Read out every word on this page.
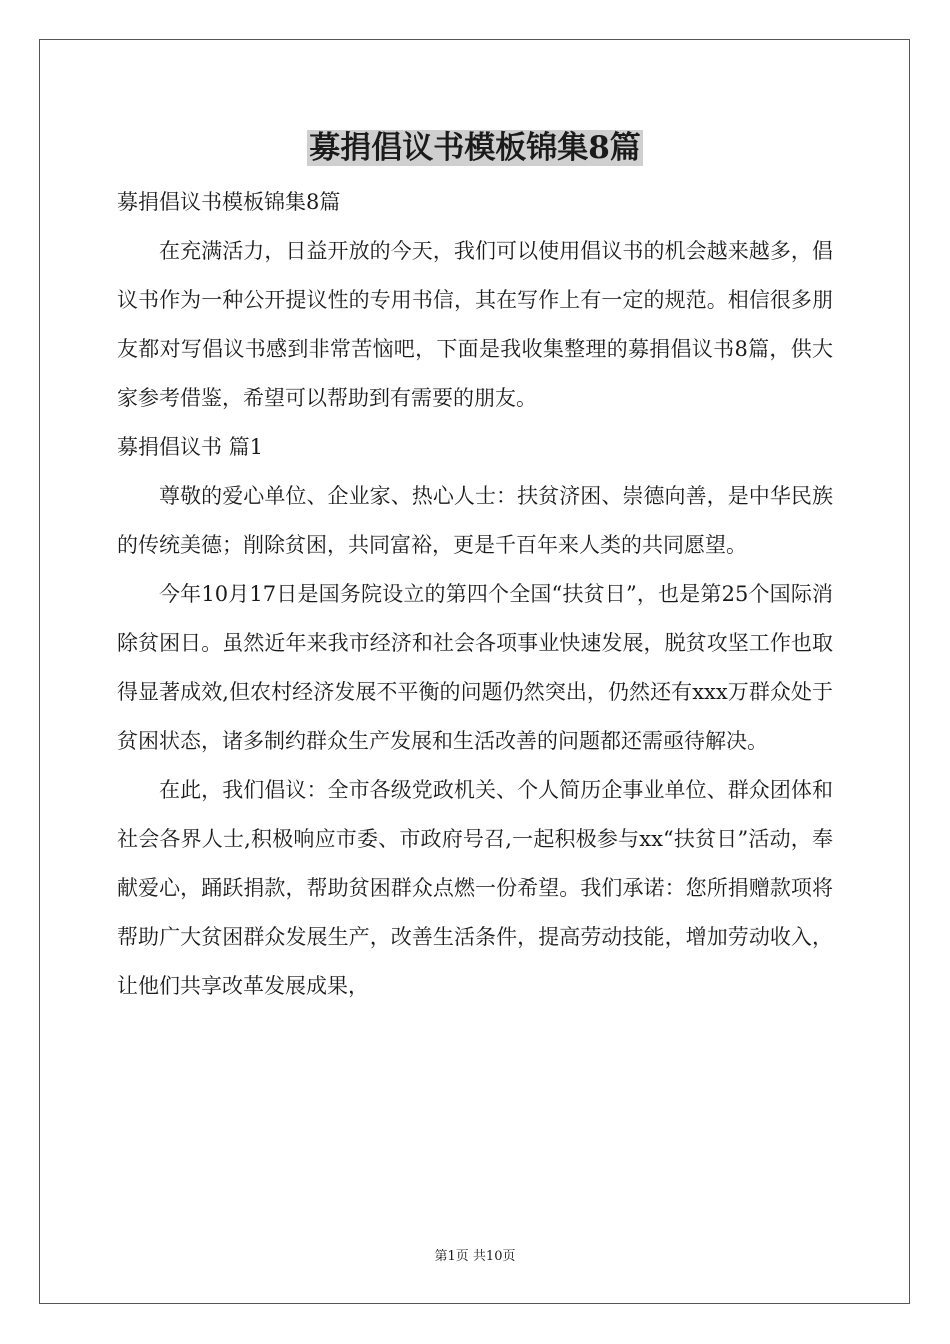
募捐倡议书模板锦集8篇

募捐倡议书模板锦集8篇

在充满活力，日益开放的今天，我们可以使用倡议书的机会越来越多，倡议书作为一种公开提议性的专用书信，其在写作上有一定的规范。相信很多朋友都对写倡议书感到非常苦恼吧，下面是我收集整理的募捐倡议书8篇，供大家参考借鉴，希望可以帮助到有需要的朋友。

募捐倡议书 篇1

尊敬的爱心单位、企业家、热心人士：扶贫济困、崇德向善，是中华民族的传统美德；削除贫困，共同富裕，更是千百年来人类的共同愿望。

今年10月17日是国务院设立的第四个全国“扶贫日”，也是第25个国际消除贫困日。虽然近年来我市经济和社会各项事业快速发展，脱贫攻坚工作也取得显著成效,但农村经济发展不平衡的问题仍然突出，仍然还有xxx万群众处于贫困状态，诸多制约群众生产发展和生活改善的问题都还需亟待解决。

在此，我们倡议：全市各级党政机关、个人简历企事业单位、群众团体和社会各界人士,积极响应市委、市政府号召,一起积极参与xx“扶贫日”活动，奉献爱心，踊跃捐款，帮助贫困群众点燃一份希望。我们承诺：您所捐赠款项将帮助广大贫困群众发展生产，改善生活条件，提高劳动技能，增加劳动收入，让他们共享改革发展成果，

第1页 共10页
